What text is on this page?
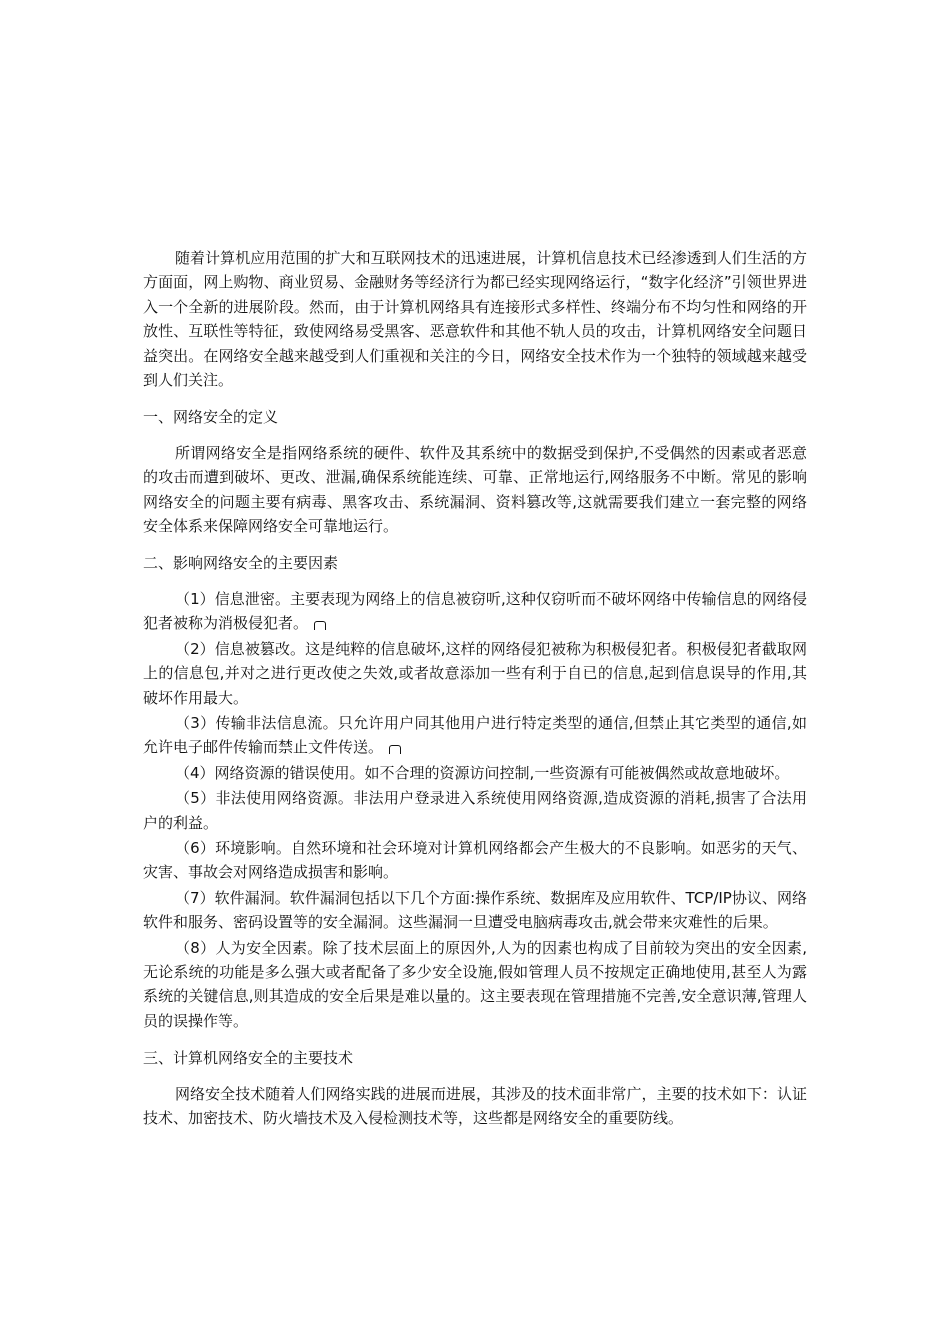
随着计算机应用范围的扩大和互联网技术的迅速进展，计算机信息技术已经渗透到人们生活的方方面面，网上购物、商业贸易、金融财务等经济行为都已经实现网络运行，“数字化经济”引领世界进入一个全新的进展阶段。然而，由于计算机网络具有连接形式多样性、终端分布不均匀性和网络的开放性、互联性等特征，致使网络易受黑客、恶意软件和其他不轨人员的攻击，计算机网络安全问题日益突出。在网络安全越来越受到人们重视和关注的今日，网络安全技术作为一个独特的领域越来越受到人们关注。

一、网络安全的定义

所谓网络安全是指网络系统的硬件、软件及其系统中的数据受到保护,不受偶然的因素或者恶意的攻击而遭到破坏、更改、泄漏,确保系统能连续、可靠、正常地运行,网络服务不中断。常见的影响网络安全的问题主要有病毒、黑客攻击、系统漏洞、资料篡改等,这就需要我们建立一套完整的网络安全体系来保障网络安全可靠地运行。

二、影响网络安全的主要因素

（1）信息泄密。主要表现为网络上的信息被窃听,这种仅窃听而不破坏网络中传输信息的网络侵犯者被称为消极侵犯者。

（2）信息被篡改。这是纯粹的信息破坏,这样的网络侵犯被称为积极侵犯者。积极侵犯者截取网上的信息包,并对之进行更改使之失效,或者故意添加一些有利于自已的信息,起到信息误导的作用,其破坏作用最大。

（3）传输非法信息流。只允许用户同其他用户进行特定类型的通信,但禁止其它类型的通信,如允许电子邮件传输而禁止文件传送。

（4）网络资源的错误使用。如不合理的资源访问控制,一些资源有可能被偶然或故意地破坏。

（5）非法使用网络资源。非法用户登录进入系统使用网络资源,造成资源的消耗,损害了合法用户的利益。

（6）环境影响。自然环境和社会环境对计算机网络都会产生极大的不良影响。如恶劣的天气、灾害、事故会对网络造成损害和影响。

（7）软件漏洞。软件漏洞包括以下几个方面:操作系统、数据库及应用软件、TCP/IP协议、网络软件和服务、密码设置等的安全漏洞。这些漏洞一旦遭受电脑病毒攻击,就会带来灾难性的后果。

（8）人为安全因素。除了技术层面上的原因外,人为的因素也构成了目前较为突出的安全因素,无论系统的功能是多么强大或者配备了多少安全设施,假如管理人员不按规定正确地使用,甚至人为露系统的关键信息,则其造成的安全后果是难以量的。这主要表现在管理措施不完善,安全意识薄,管理人员的误操作等。

三、计算机网络安全的主要技术

网络安全技术随着人们网络实践的进展而进展，其涉及的技术面非常广，主要的技术如下：认证技术、加密技术、防火墙技术及入侵检测技术等，这些都是网络安全的重要防线。
